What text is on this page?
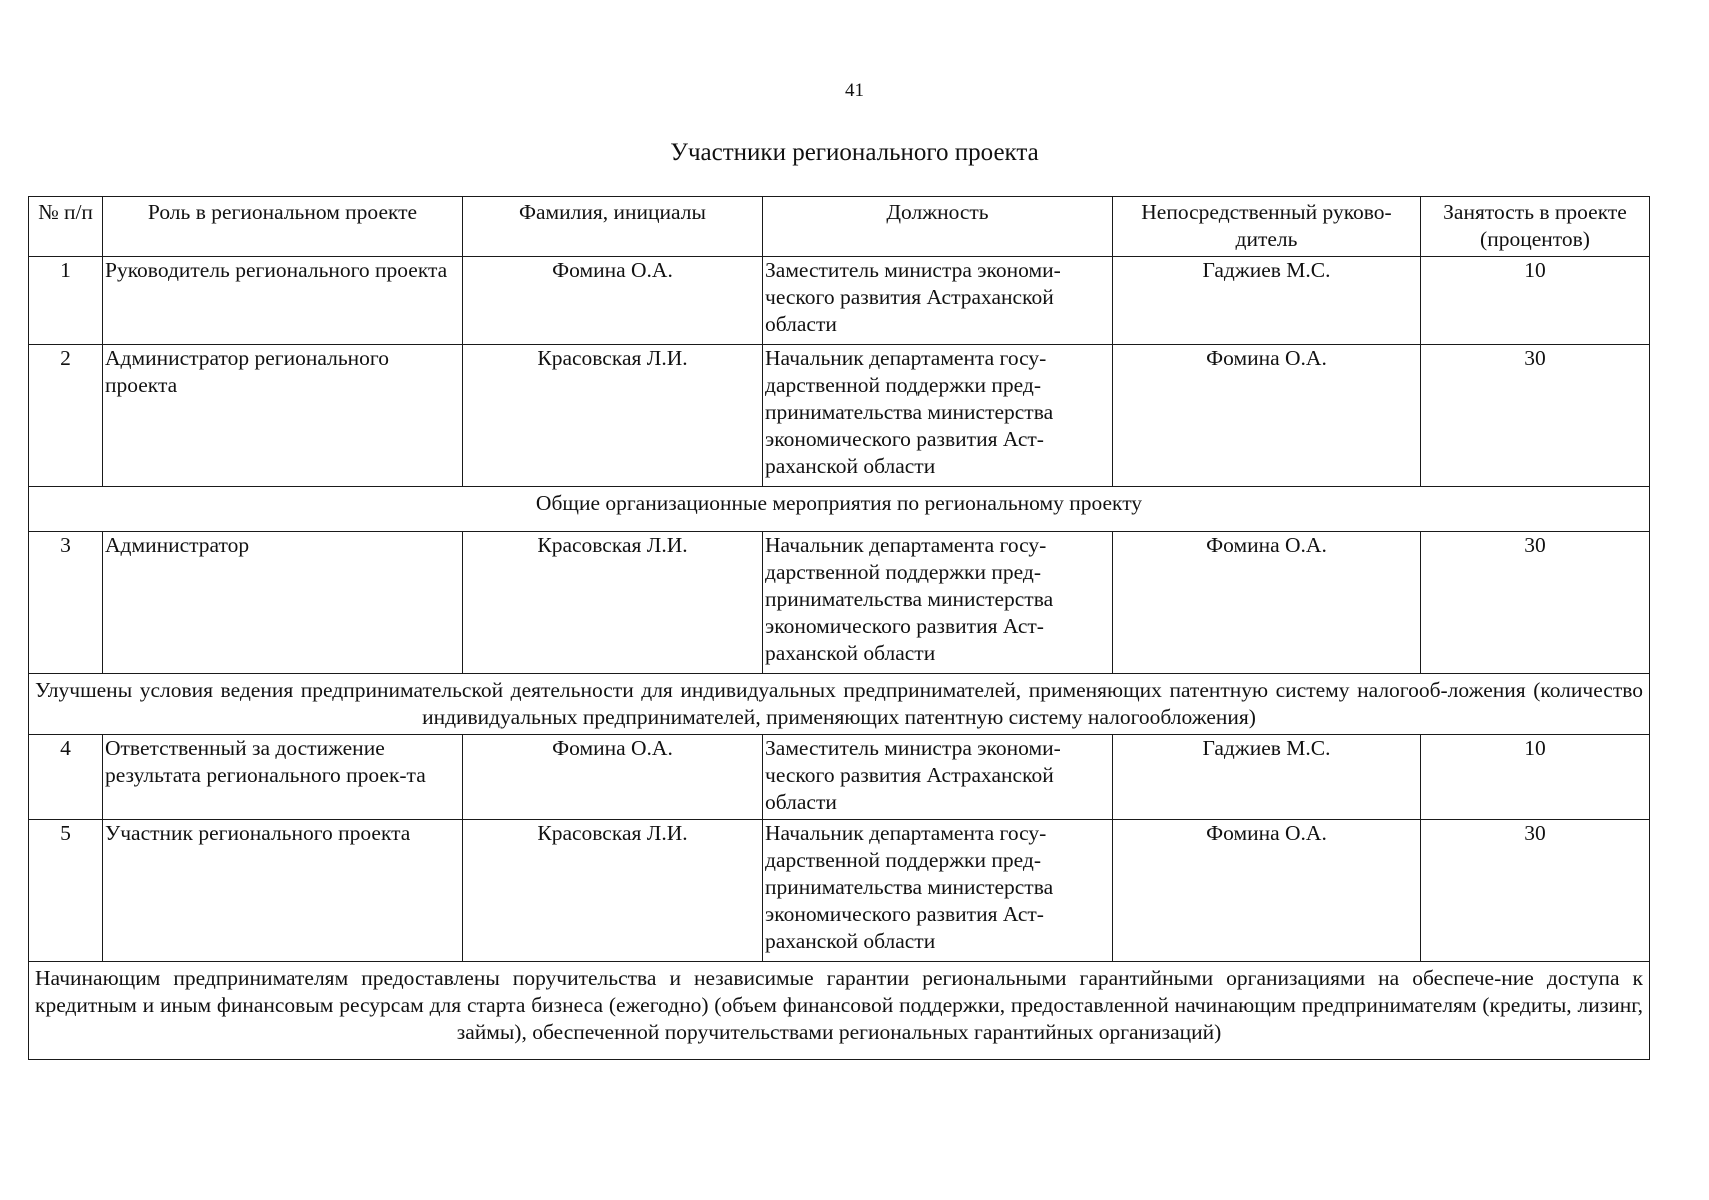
41
Участники регионального проекта
№ п/п	Роль в региональном проекте	Фамилия, инициалы	Должность	Непосредственный руково-дитель	Занятость в проекте (процентов)
1	Руководитель регионального проекта	Фомина О.А.	Заместитель министра экономи-ческого развития Астраханской области	Гаджиев М.С.	10
2	Администратор регионального проекта	Красовская Л.И.	Начальник департамента госу-дарственной поддержки пред-принимательства министерства экономического развития Аст-раханской области	Фомина О.А.	30
Общие организационные мероприятия по региональному проекту					
3	Администратор	Красовская Л.И.	Начальник департамента госу-дарственной поддержки пред-принимательства министерства экономического развития Аст-раханской области	Фомина О.А.	30
Улучшены условия ведения предпринимательской деятельности для индивидуальных предпринимателей, применяющих патентную систему налогооб-ложения (количество индивидуальных предпринимателей, применяющих патентную систему налогообложения)					
4	Ответственный за достижение результата регионального проек-та	Фомина О.А.	Заместитель министра экономи-ческого развития Астраханской области	Гаджиев М.С.	10
5	Участник регионального проекта	Красовская Л.И.	Начальник департамента госу-дарственной поддержки пред-принимательства министерства экономического развития Аст-раханской области	Фомина О.А.	30
Начинающим предпринимателям предоставлены поручительства и независимые гарантии региональными гарантийными организациями на обеспече-ние доступа к кредитным и иным финансовым ресурсам для старта бизнеса (ежегодно) (объем финансовой поддержки, предоставленной начинающим предпринимателям (кредиты, лизинг, займы), обеспеченной поручительствами региональных гарантийных организаций)					
